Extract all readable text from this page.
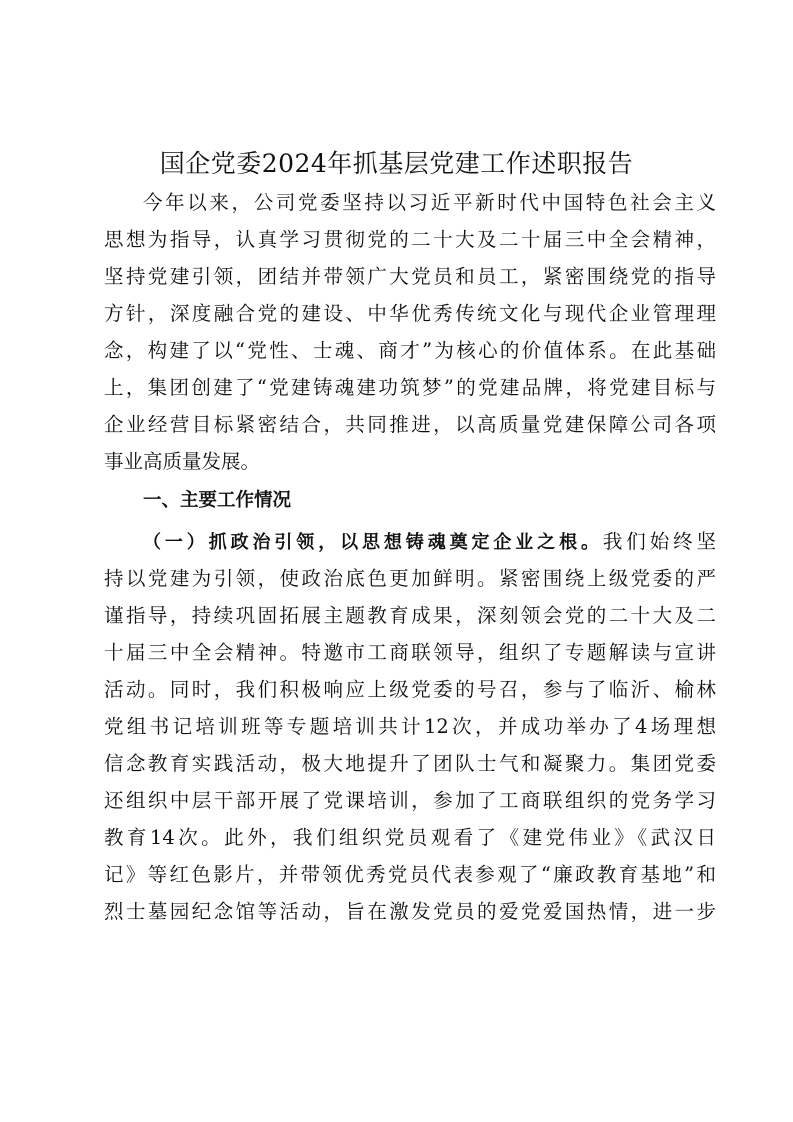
国企党委2024年抓基层党建工作述职报告
今年以来，公司党委坚持以习近平新时代中国特色社会主义
思想为指导，认真学习贯彻党的二十大及二十届三中全会精神，
坚持党建引领，团结并带领广大党员和员工，紧密围绕党的指导
方针，深度融合党的建设、中华优秀传统文化与现代企业管理理
念，构建了以“党性、士魂、商才”为核心的价值体系。在此基础
上，集团创建了“党建铸魂建功筑梦”的党建品牌，将党建目标与
企业经营目标紧密结合，共同推进，以高质量党建保障公司各项
事业高质量发展。
一、主要工作情况
（一）抓政治引领，以思想铸魂奠定企业之根。我们始终坚
持以党建为引领，使政治底色更加鲜明。紧密围绕上级党委的严
谨指导，持续巩固拓展主题教育成果，深刻领会党的二十大及二
十届三中全会精神。特邀市工商联领导，组织了专题解读与宣讲
活动。同时，我们积极响应上级党委的号召，参与了临沂、榆林
党组书记培训班等专题培训共计12次，并成功举办了4场理想
信念教育实践活动，极大地提升了团队士气和凝聚力。集团党委
还组织中层干部开展了党课培训，参加了工商联组织的党务学习
教育14次。此外，我们组织党员观看了《建党伟业》《武汉日
记》等红色影片，并带领优秀党员代表参观了“廉政教育基地”和
烈士墓园纪念馆等活动，旨在激发党员的爱党爱国热情，进一步
